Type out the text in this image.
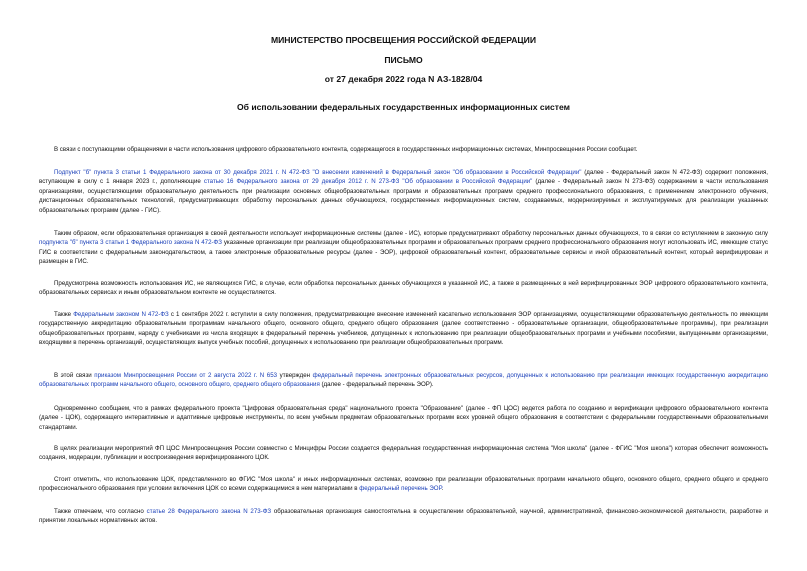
МИНИСТЕРСТВО ПРОСВЕЩЕНИЯ РОССИЙСКОЙ ФЕДЕРАЦИИ
ПИСЬМО
от 27 декабря 2022 года N АЗ-1828/04
Об использовании федеральных государственных информационных систем

В связи с поступающими обращениями в части использования цифрового образовательного контента, содержащегося в государственных информационных системах, Минпросвещения России сообщает.

Подпункт "б" пункта 3 статьи 1 Федерального закона от 30 декабря 2021 г. N 472-ФЗ "О внесении изменений в Федеральный закон "Об образовании в Российской Федерации" (далее - Федеральный закон N 472-ФЗ) содержит положения, вступающие в силу с 1 января 2023 г., дополняющие статью 16 Федерального закона от 29 декабря 2012 г. N 273-ФЗ "Об образовании в Российской Федерации" (далее - Федеральный закон N 273-ФЗ) содержанием в части использования организациями, осуществляющими образовательную деятельность при реализации основных общеобразовательных программ и образовательных программ среднего профессионального образования, с применением электронного обучения, дистанционных образовательных технологий, предусматривающих обработку персональных данных обучающихся, государственных информационных систем, создаваемых, модернизируемых и эксплуатируемых для реализации указанных образовательных программ (далее - ГИС).

Таким образом, если образовательная организация в своей деятельности использует информационные системы (далее - ИС), которые предусматривают обработку персональных данных обучающихся, то в связи со вступлением в законную силу подпункта "б" пункта 3 статьи 1 Федерального закона N 472-ФЗ указанные организации при реализации общеобразовательных программ и образовательных программ среднего профессионального образования могут использовать ИС, имеющие статус ГИС в соответствии с федеральным законодательством, а также электронные образовательные ресурсы (далее - ЭОР), цифровой образовательный контент, образовательные сервисы и иной образовательный контент, который верифицирован и размещен в ГИС.

Предусмотрена возможность использования ИС, не являющихся ГИС, в случае, если обработка персональных данных обучающихся в указанной ИС, а также в размещенных в ней верифицированных ЭОР цифрового образовательного контента, образовательных сервисах и иным образовательном контенте не осуществляется.

Также Федеральным законом N 472-ФЗ с 1 сентября 2022 г. вступили в силу положения, предусматривающие внесение изменений касательно использования ЭОР организациями, осуществляющими образовательную деятельность по имеющим государственную аккредитацию образовательным программам начального общего, основного общего, среднего общего образования (далее соответственно - образовательные организации, общеобразовательные программы), при реализации общеобразовательных программ, наряду с учебниками из числа входящих в федеральный перечень учебников, допущенных к использованию при реализации общеобразовательных программ и учебными пособиями, выпущенными организациями, входящими в перечень организаций, осуществляющих выпуск учебных пособий, допущенных к использованию при реализации общеобразовательных программ.

В этой связи приказом Минпросвещения России от 2 августа 2022 г. N 653 утвержден федеральный перечень электронных образовательных ресурсов, допущенных к использованию при реализации имеющих государственную аккредитацию образовательных программ начального общего, основного общего, среднего общего образования (далее - федеральный перечень ЭОР).

Одновременно сообщаем, что в рамках федерального проекта "Цифровая образовательная среда" национального проекта "Образование" (далее - ФП ЦОС) ведется работа по созданию и верификации цифрового образовательного контента (далее - ЦОК), содержащего интерактивные и адаптивные цифровые инструменты, по всем учебным предметам образовательных программ всех уровней общего образования в соответствии с федеральными государственными образовательными стандартами.

В целях реализации мероприятий ФП ЦОС Минпросвещения России совместно с Минцифры России создается федеральная государственная информационная система "Моя школа" (далее - ФГИС "Моя школа") которая обеспечит возможность создания, модерации, публикации и воспроизведения верифицированного ЦОК.

Стоит отметить, что использование ЦОК, представленного во ФГИС "Моя школа" и иных информационных системах, возможно при реализации образовательных программ начального общего, основного общего, среднего общего и среднего профессионального образования при условии включения ЦОК со всеми содержащимися в нем материалами в федеральный перечень ЭОР.

Также отмечаем, что согласно статье 28 Федерального закона N 273-ФЗ образовательная организация самостоятельна в осуществлении образовательной, научной, административной, финансово-экономической деятельности, разработке и принятии локальных нормативных актов.
